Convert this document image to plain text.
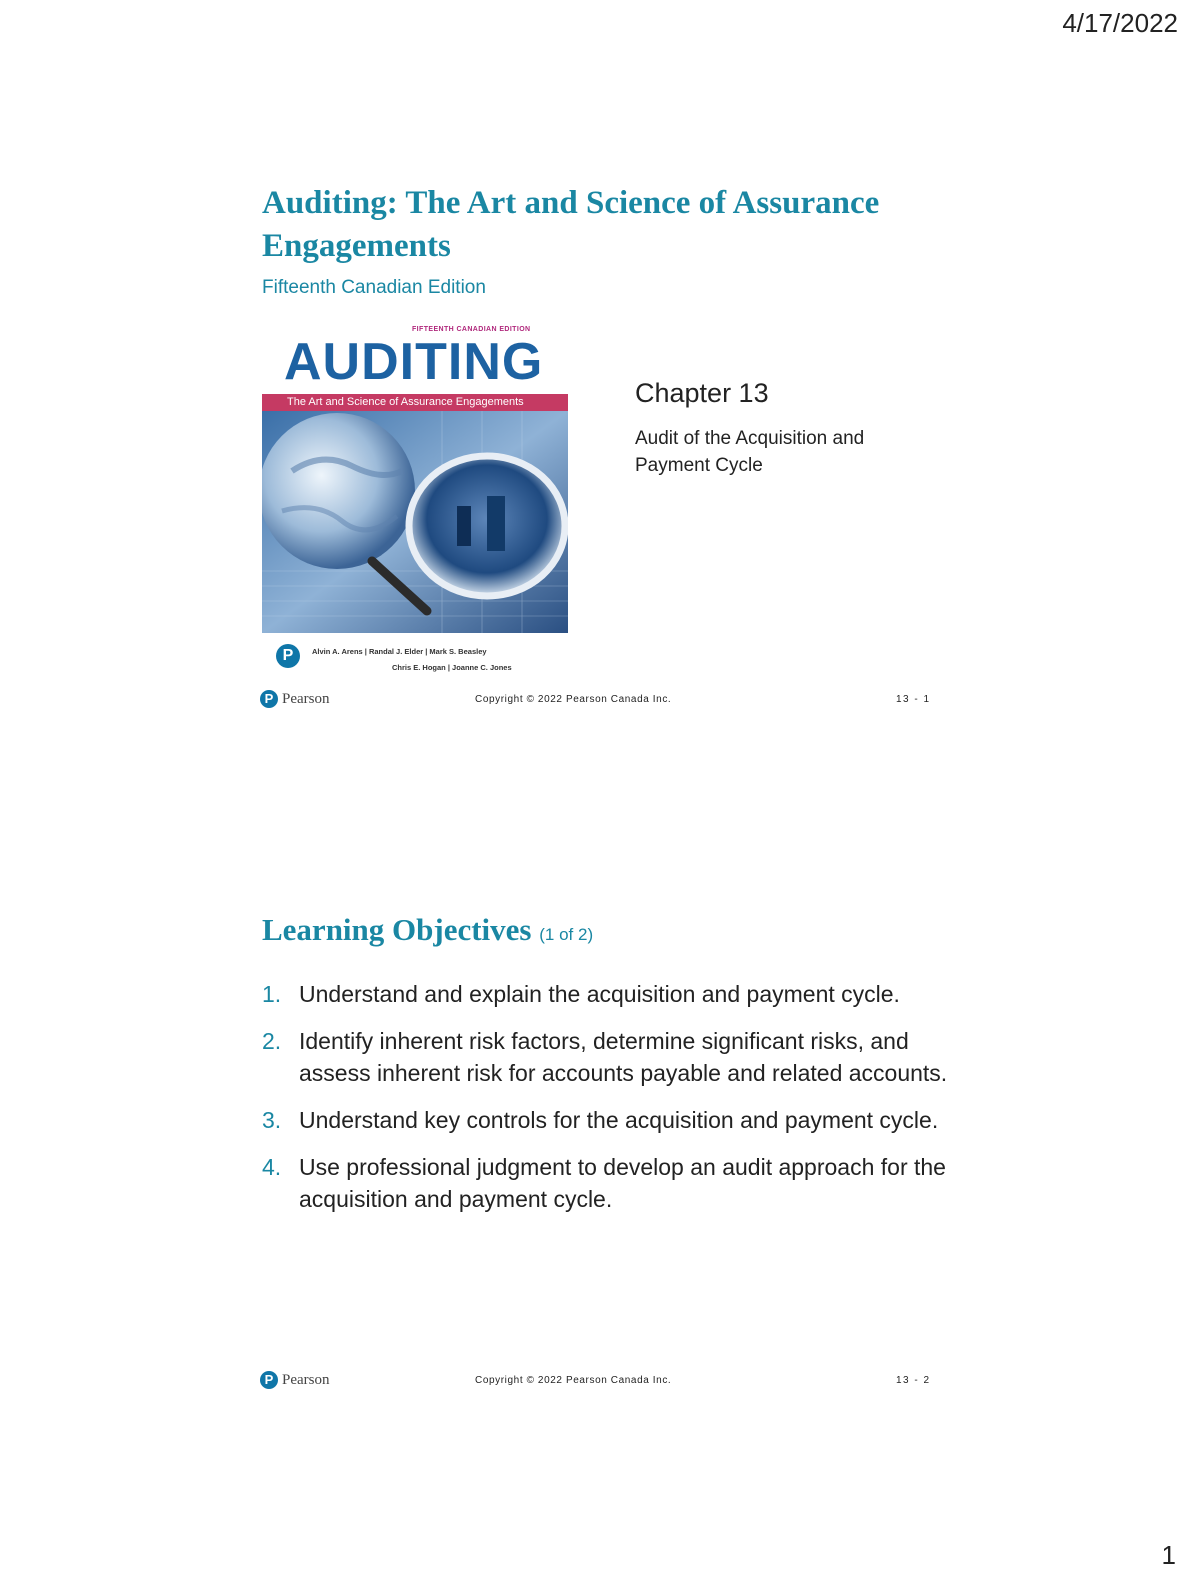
4/17/2022
Auditing: The Art and Science of Assurance Engagements
Fifteenth Canadian Edition
FIFTEENTH CANADIAN EDITION
AUDITING
The Art and Science of Assurance Engagements
P	Alvin A. Arens | Randal J. Elder | Mark S. Beasley
Chris E. Hogan | Joanne C. Jones
Chapter 13
Audit of the Acquisition and Payment Cycle
P Pearson	Copyright © 2022 Pearson Canada Inc.	13 - 1
Learning Objectives (1 of 2)
1. Understand and explain the acquisition and payment cycle.
2. Identify inherent risk factors, determine significant risks, and assess inherent risk for accounts payable and related accounts.
3. Understand key controls for the acquisition and payment cycle.
4. Use professional judgment to develop an audit approach for the acquisition and payment cycle.
P Pearson	Copyright © 2022 Pearson Canada Inc.	13 - 2
1
